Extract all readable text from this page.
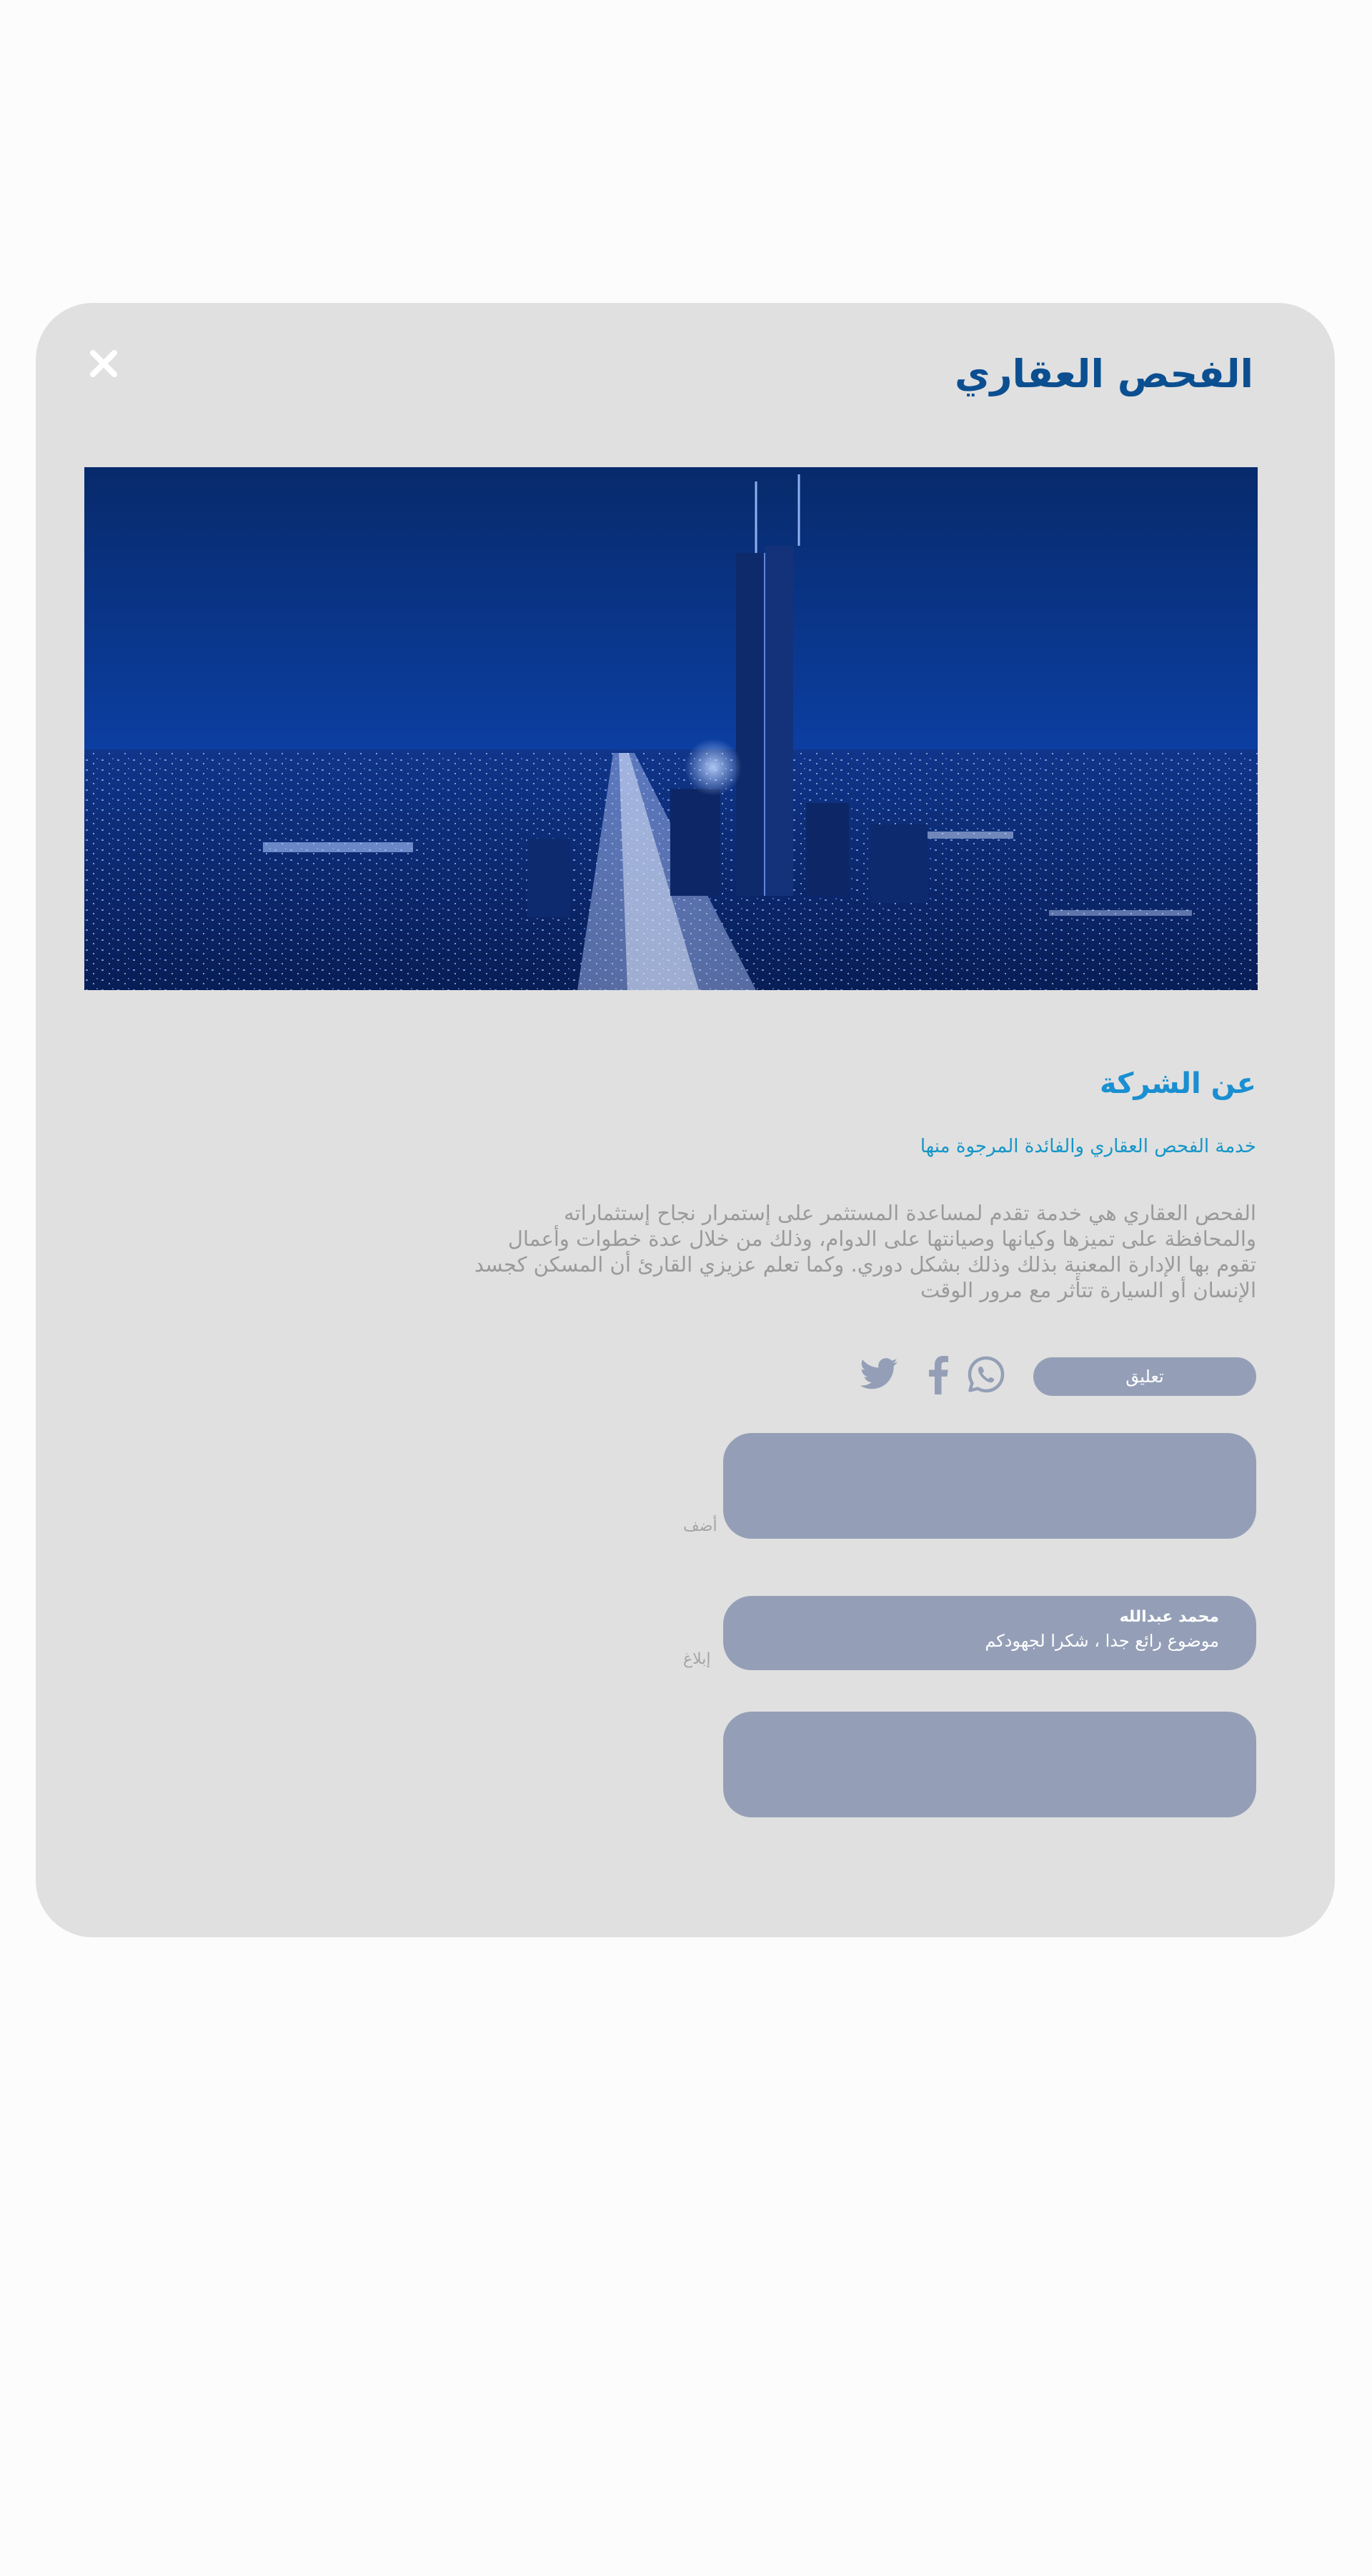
الفحص العقاري
عن الشركة

خدمة الفحص العقاري والفائدة المرجوة منها

الفحص العقاري هي خدمة تقدم لمساعدة المستثمر على إستمرار نجاح إستثماراته والمحافظة على تميزها وكيانها وصيانتها على الدوام، وذلك من خلال عدة خطوات وأعمال تقوم بها الإدارة المعنية بذلك وذلك بشكل دوري. وكما تعلم عزيزي القارئ أن المسكن كجسد الإنسان أو السيارة تتأثر مع مرور الوقت

تعليق
أضف
محمد عبدالله
موضوع رائع جدا ، شكرا لجهودكم
إبلاغ
